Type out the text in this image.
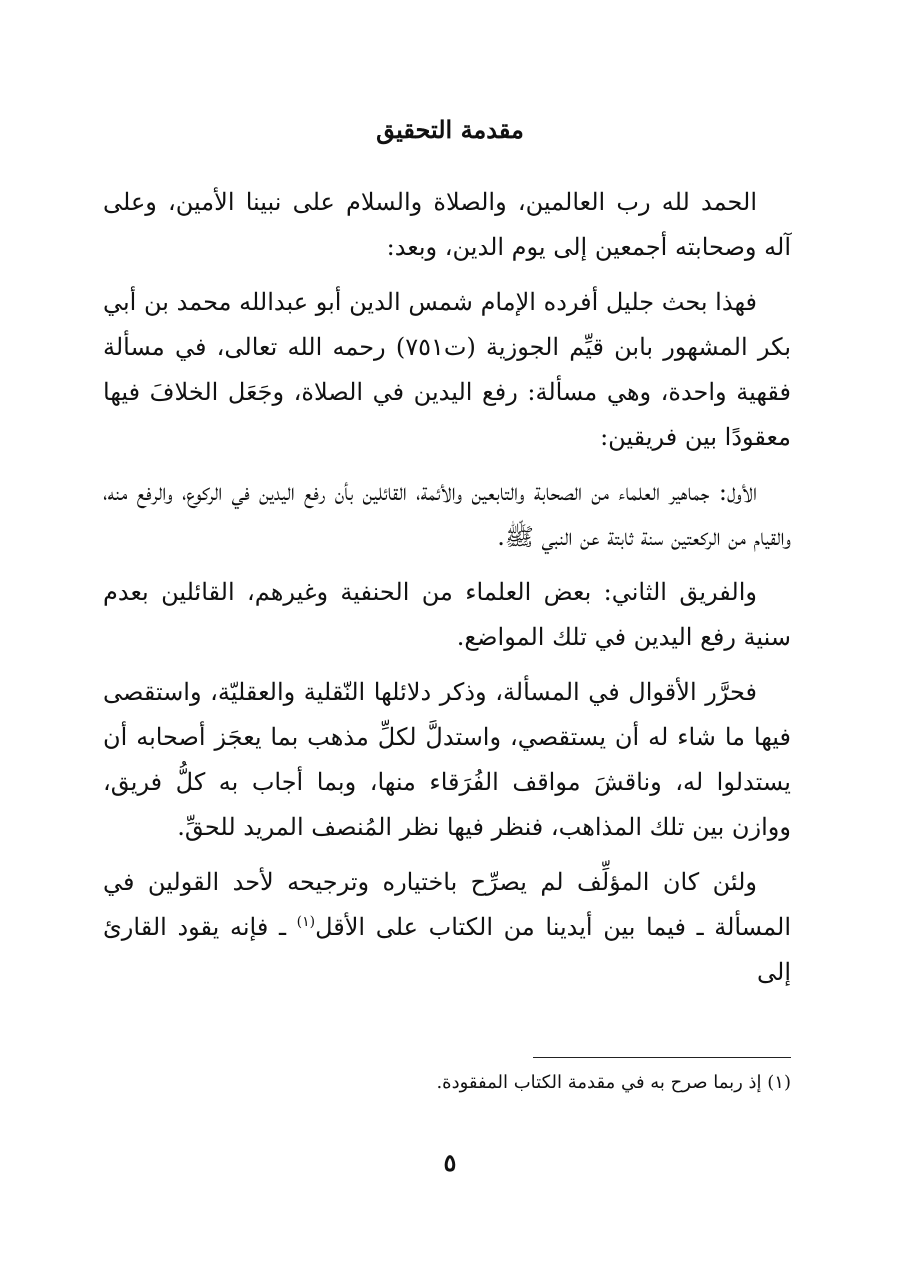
مقدمة التحقيق

الحمد لله رب العالمين، والصلاة والسلام على نبينا الأمين، وعلى آله وصحابته أجمعين إلى يوم الدين، وبعد:

فهذا بحث جليل أفرده الإمام شمس الدين أبو عبدالله محمد بن أبي بكر المشهور بابن قيِّم الجوزية (ت٧٥١) رحمه الله تعالى، في مسألة فقهية واحدة، وهي مسألة: رفع اليدين في الصلاة، وجَعَل الخلافَ فيها معقودًا بين فريقين:

الأول: جماهير العلماء من الصحابة والتابعين والأئمة، القائلين بأن رفع اليدين في الركوع، والرفع منه، والقيام من الركعتين سنة ثابتة عن النبي ﷺ.

والفريق الثاني: بعض العلماء من الحنفية وغيرهم، القائلين بعدم سنية رفع اليدين في تلك المواضع.

فحرَّر الأقوال في المسألة، وذكر دلائلها النّقلية والعقليّة، واستقصى فيها ما شاء له أن يستقصي، واستدلَّ لكلِّ مذهب بما يعجَز أصحابه أن يستدلوا له، وناقشَ مواقف الفُرَقاء منها، وبما أجاب به كلُّ فريق، ووازن بين تلك المذاهب، فنظر فيها نظر المُنصف المريد للحقِّ.

ولئن كان المؤلِّف لم يصرِّح باختياره وترجيحه لأحد القولين في المسألة ـ فيما بين أيدينا من الكتاب على الأقل$^{(١)}$ ـ فإنه يقود القارئ إلى

(١) إذ ربما صرح به في مقدمة الكتاب المفقودة.

٥
